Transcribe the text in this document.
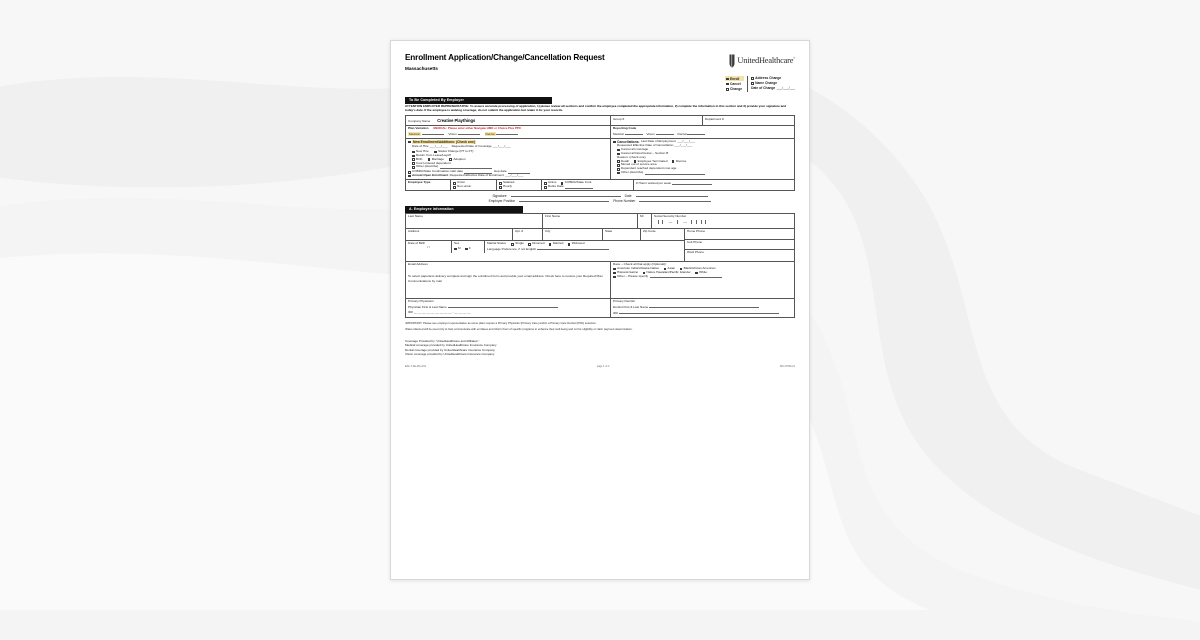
Enrollment Application/Change/Cancellation Request
Massachusetts
UnitedHealthcare®
Enroll
Cancel
Change
Address Change
Name Change
Date of Change ___/___/___
To Be Completed By Employer
ATTENTION EMPLOYER REPRESENTATIVE: To assure accurate processing of application, 1) please review all sections and confirm the employee completed the appropriate information, 2) complete the information in this section and 3) provide your signature and today's date. If the employee is waiving coverage, do not submit the application but retain it for your records.
Company Name Creative Playthings	Group #	Department #
Plan Variation MEDICAL: Please enter either Navigate HMO or Choice Plus PPO
Medical	Vision	Dental
Reporting Code
Medical	Vision	Dental
New Enrollment/Additions: (Check one)
Date of Hire ___/___/___ Requested Date of Coverage ___/___/___
New Hire	Status Change (PT to FT)
Return from Leave/Layoff
Birth	Marriage	Adoption
Court ordered dependent
Other (describe)
COBRA/State Continuation start date	stop date
Annual Open Enrollment Requested Effective Date of Enrollment ___/___/___
Cancellations: Last Date of Employment ___/___/___
Requested Effective Date of Cancellation ___/___/___
Cancel all coverage
Cancel all listed below – Section B
Reason: (check one)
Death	Employee Terminated	Divorce
Moved out of service area
Dependent reached dependent max age
Other (describe)
Employee Type	Union
Non-union
Salaried
Hourly
Active	COBRA/State Cont.
Retire Date
# Hours worked per week
Signature	Date
Employer Position	Phone Number
A. Employee Information
Last Name	First Name	MI	Social Security Number
—	—
Address	Apt. #	City	State	Zip Code
Date of Birth
/ /
Sex
M	F
Marital Status	Single	Divorced	Married	Widowed
Language Preference, if not English
Home Phone
Cell Phone
Work Phone
Email Address
To select paperless delivery complete and sign the enrollment form and provide your email address. Check here to receive your Required Plan Communications by mail
Race – Check all that apply (Optional)²
American Indian/Alaska Native	Asian	Black/African American
Hispanic/Latino	Native Hawaiian/Pacific Islander	White
Other – Please specify
Primary Physician¹
Physician First & Last Name
ID# __ __ __ __ __ __ __ __ __ - __ __ __ __
Primary Dentist¹
Dentist First & Last Name
ID#
¹IMPORTANT. Please see employer representative as some plans require a Primary Physician (Primary Care) and/or a Primary Care Dentist (PCD) selection.
²Data collected will be used only to help communicate with enrollees and inform them of specific programs to enhance their well-being and not for eligibility or claim payment determination.
Coverage Provided by "UnitedHealthcare and Affiliates":
Medical coverage provided by UnitedHealthcare Insurance Company
Dental coverage provided by UnitedHealthcare Insurance Company
Vision coverage provided by UnitedHealthcare Insurance Company
EAF-T-3E-MA-3/21	page 1 of 4	MS-37601/21
